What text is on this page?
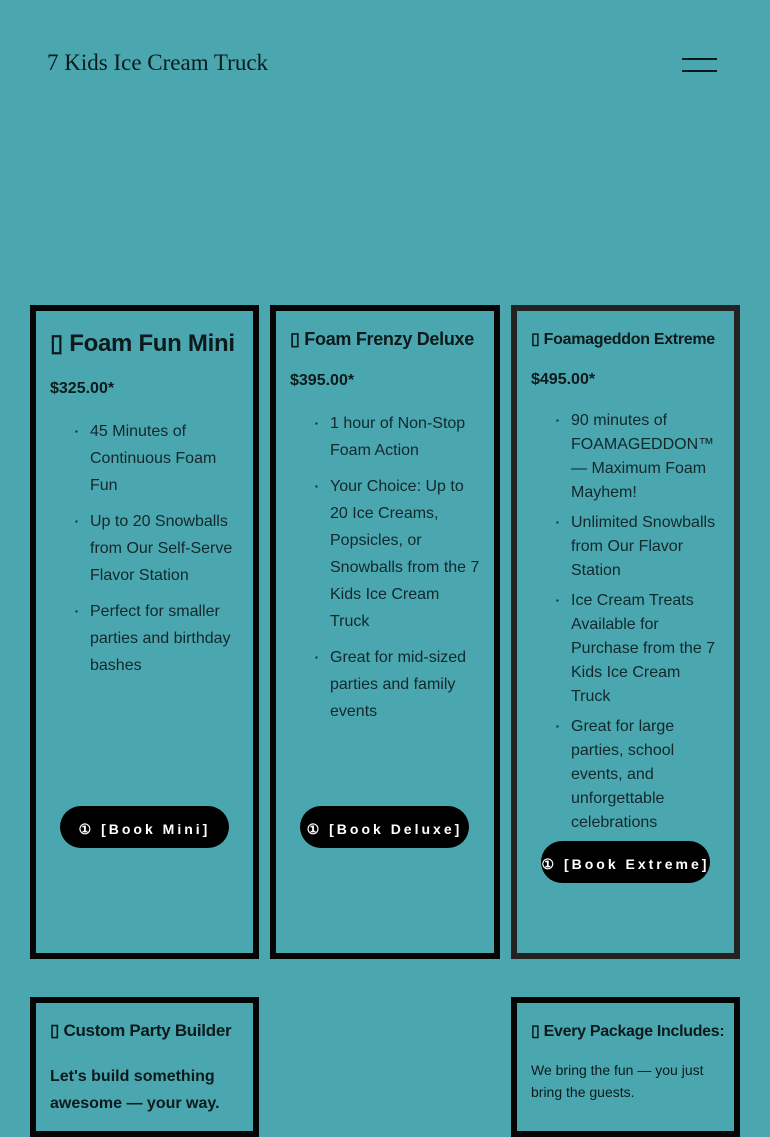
7 Kids Ice Cream Truck
▯ Foam Fun Mini
$325.00*
▪ 45 Minutes of Continuous Foam Fun
▪ Up to 20 Snowballs from Our Self-Serve Flavor Station
▪ Perfect for smaller parties and birthday bashes
① [Book Mini]
▯ Foam Frenzy Deluxe
$395.00*
▪ 1 hour of Non-Stop Foam Action
▪ Your Choice: Up to 20 Ice Creams, Popsicles, or Snowballs from the 7 Kids Ice Cream Truck
▪ Great for mid-sized parties and family events
① [Book Deluxe]
▯ Foamageddon Extreme
$495.00*
▪ 90 minutes of FOAMAGEDDON™ — Maximum Foam Mayhem!
▪ Unlimited Snowballs from Our Flavor Station
▪ Ice Cream Treats Available for Purchase from the 7 Kids Ice Cream Truck
▪ Great for large parties, school events, and unforgettable celebrations
① [Book Extreme]
▯ Custom Party Builder
Let's build something awesome — your way.
▯ Every Package Includes:
We bring the fun — you just bring the guests.
